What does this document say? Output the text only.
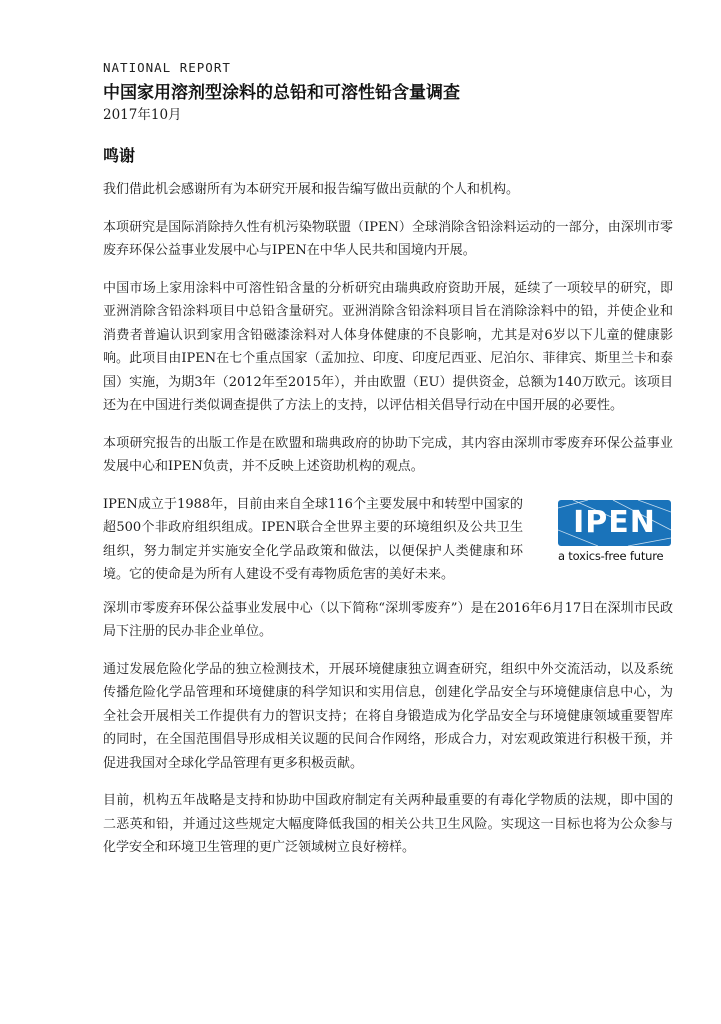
NATIONAL REPORT
中国家用溶剂型涂料的总铅和可溶性铅含量调查
2017年10月
鸣谢

我们借此机会感谢所有为本研究开展和报告编写做出贡献的个人和机构。

本项研究是国际消除持久性有机污染物联盟（IPEN）全球消除含铅涂料运动的一部分，由深圳市零废弃环保公益事业发展中心与IPEN在中华人民共和国境内开展。

中国市场上家用涂料中可溶性铅含量的分析研究由瑞典政府资助开展，延续了一项较早的研究，即亚洲消除含铅涂料项目中总铅含量研究。亚洲消除含铅涂料项目旨在消除涂料中的铅，并使企业和消费者普遍认识到家用含铅磁漆涂料对人体身体健康的不良影响，尤其是对6岁以下儿童的健康影响。此项目由IPEN在七个重点国家（孟加拉、印度、印度尼西亚、尼泊尔、菲律宾、斯里兰卡和泰国）实施，为期3年（2012年至2015年），并由欧盟（EU）提供资金，总额为140万欧元。该项目还为在中国进行类似调查提供了方法上的支持，以评估相关倡导行动在中国开展的必要性。

本项研究报告的出版工作是在欧盟和瑞典政府的协助下完成，其内容由深圳市零废弃环保公益事业发展中心和IPEN负责，并不反映上述资助机构的观点。

IPEN成立于1988年，目前由来自全球116个主要发展中和转型中国家的超500个非政府组织组成。IPEN联合全世界主要的环境组织及公共卫生组织，努力制定并实施安全化学品政策和做法，以便保护人类健康和环境。它的使命是为所有人建设不受有毒物质危害的美好未来。

IPEN
a toxics-free future

深圳市零废弃环保公益事业发展中心（以下简称“深圳零废弃”）是在2016年6月17日在深圳市民政局下注册的民办非企业单位。

通过发展危险化学品的独立检测技术，开展环境健康独立调查研究，组织中外交流活动，以及系统传播危险化学品管理和环境健康的科学知识和实用信息，创建化学品安全与环境健康信息中心，为全社会开展相关工作提供有力的智识支持；在将自身锻造成为化学品安全与环境健康领域重要智库的同时，在全国范围倡导形成相关议题的民间合作网络，形成合力，对宏观政策进行积极干预，并促进我国对全球化学品管理有更多积极贡献。

目前，机构五年战略是支持和协助中国政府制定有关两种最重要的有毒化学物质的法规，即中国的二恶英和铅，并通过这些规定大幅度降低我国的相关公共卫生风险。实现这一目标也将为公众参与化学安全和环境卫生管理的更广泛领域树立良好榜样。
